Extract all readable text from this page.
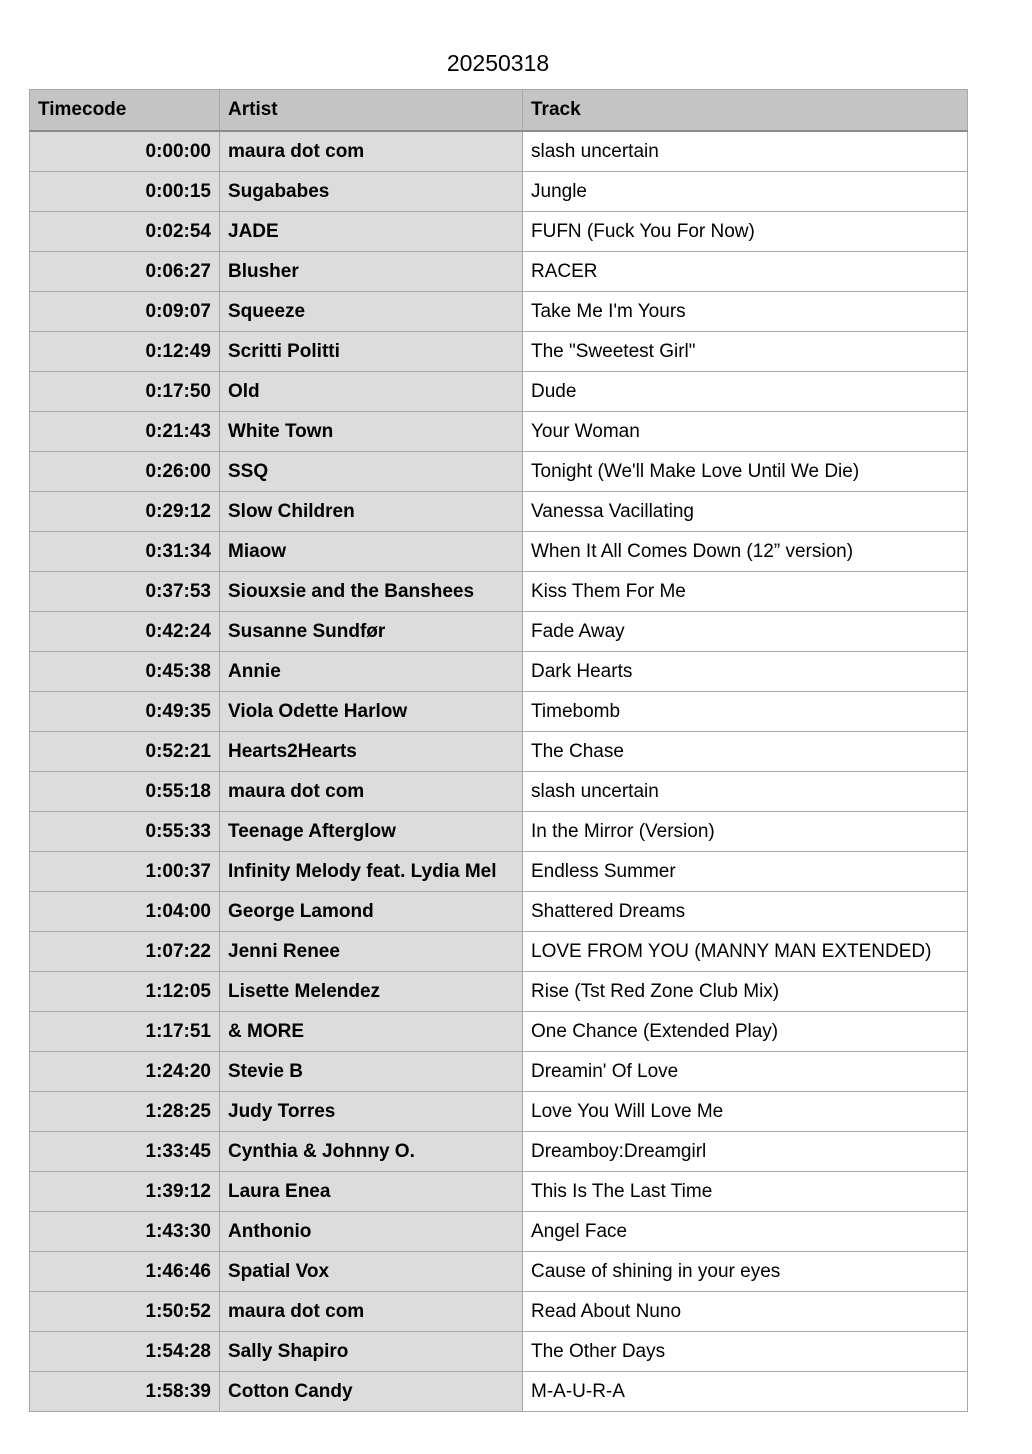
20250318
Timecode	Artist	Track
0:00:00	maura dot com	slash uncertain
0:00:15	Sugababes	Jungle
0:02:54	JADE	FUFN (Fuck You For Now)
0:06:27	Blusher	RACER
0:09:07	Squeeze	Take Me I'm Yours
0:12:49	Scritti Politti	The "Sweetest Girl"
0:17:50	Old	Dude
0:21:43	White Town	Your Woman
0:26:00	SSQ	Tonight (We'll Make Love Until We Die)
0:29:12	Slow Children	Vanessa Vacillating
0:31:34	Miaow	When It All Comes Down (12” version)
0:37:53	Siouxsie and the Banshees	Kiss Them For Me
0:42:24	Susanne Sundfør	Fade Away
0:45:38	Annie	Dark Hearts
0:49:35	Viola Odette Harlow	Timebomb
0:52:21	Hearts2Hearts	The Chase
0:55:18	maura dot com	slash uncertain
0:55:33	Teenage Afterglow	In the Mirror (Version)
1:00:37	Infinity Melody feat. Lydia Mel	Endless Summer
1:04:00	George Lamond	Shattered Dreams
1:07:22	Jenni Renee	LOVE FROM YOU (MANNY MAN EXTENDED)
1:12:05	Lisette Melendez	Rise (Tst Red Zone Club Mix)
1:17:51	& MORE	One Chance (Extended Play)
1:24:20	Stevie B	Dreamin' Of Love
1:28:25	Judy Torres	Love You Will Love Me
1:33:45	Cynthia & Johnny O.	Dreamboy:Dreamgirl
1:39:12	Laura Enea	This Is The Last Time
1:43:30	Anthonio	Angel Face
1:46:46	Spatial Vox	Cause of shining in your eyes
1:50:52	maura dot com	Read About Nuno
1:54:28	Sally Shapiro	The Other Days
1:58:39	Cotton Candy	M-A-U-R-A
